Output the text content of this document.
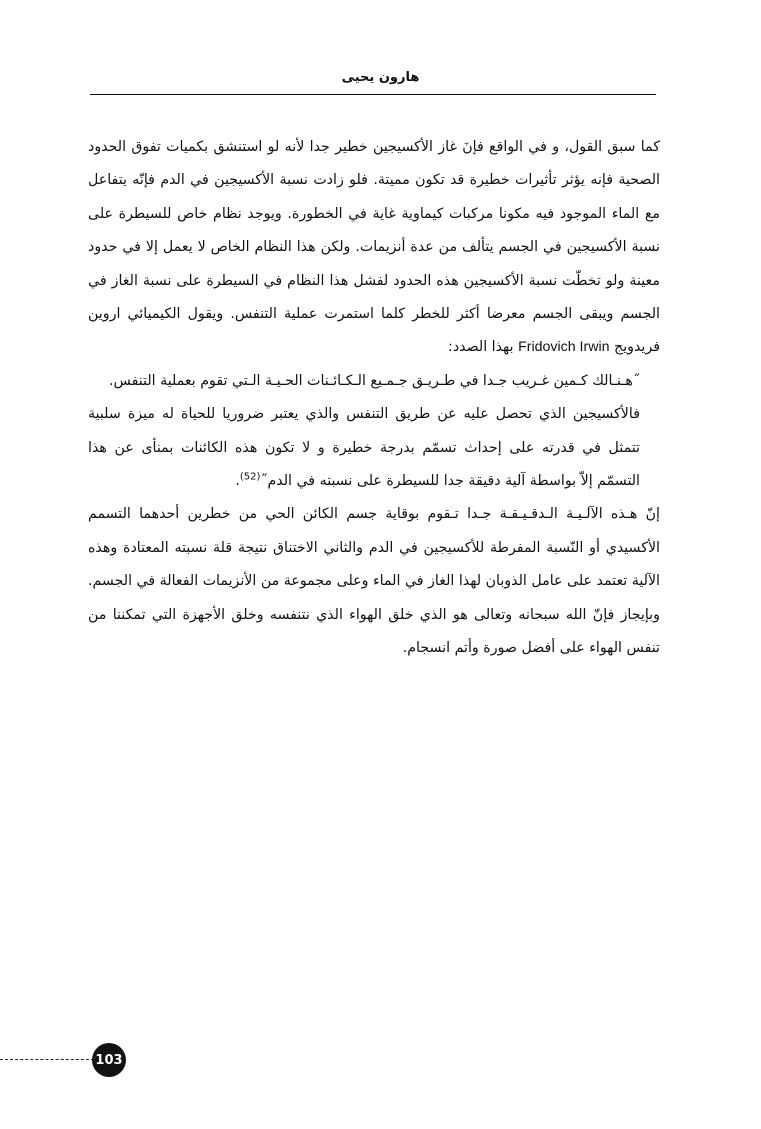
هارون يحيى

كما سبق القول، و في الواقع فإنَ غاز الأكسيجين خطير جدا لأنه لو استنشق بكميات تفوق الحدود الصحية فإنه يؤثر تأثيرات خطيرة قد تكون مميتة. فلو زادت نسبة الأكسيجين في الدم فإنّه يتفاعل مع الماء الموجود فيه مكونا مركبات كيماوية غاية في الخطورة. ويوجد نظام خاص للسيطرة على نسبة الأكسيجين في الجسم يتألف من عدة أنزيمات. ولكن هذا النظام الخاص لا يعمل إلا في حدود معينة ولو تخطّت نسبة الأكسيجين هذه الحدود لفشل هذا النظام في السيطرة على نسبة الغاز في الجسم ويبقى الجسم معرضا أكثر للخطر كلما استمرت عملية التنفس. ويقول الكيميائي اروين فريدويج Fridovich Irwin بهذا الصدد:

˝هـنـالك كـمين غـريب جـدا في طـريـق جـمـيع الـكـائـنات الحـيـة الـتي تقوم بعملية التنفس.

فالأكسيجين الذي تحصل عليه عن طريق التنفس والذي يعتبر ضروريا للحياة له ميزة سلبية تتمثل في قدرته على إحداث تسمّم بدرجة خطيرة و لا تكون هذه الكائنات بمنأى عن هذا التسمّم إلاّ بواسطة آلية دقيقة جدا للسيطرة على نسبته في الدم˝$^{(52)}$.

إنّ هـذه الآلـيـة الـدقـيـقـة جـدا تـقوم بوقاية جسم الكائن الحي من خطرين أحدهما التسمم الأكسيدي أو النّسبة المفرطة للأكسيجين في الدم والثاني الاختناق نتيجة قلة نسبته المعتادة وهذه الآلية تعتمد على عامل الذوبان لهذا الغاز في الماء وعلى مجموعة من الأنزيمات الفعالة في الجسم.

وبإيجاز فإنّ الله سبحانه وتعالى هو الذي خلق الهواء الذي نتنفسه وخلق الأجهزة التي تمكننا من تنفس الهواء على أفضل صورة وأتم انسجام.

103
